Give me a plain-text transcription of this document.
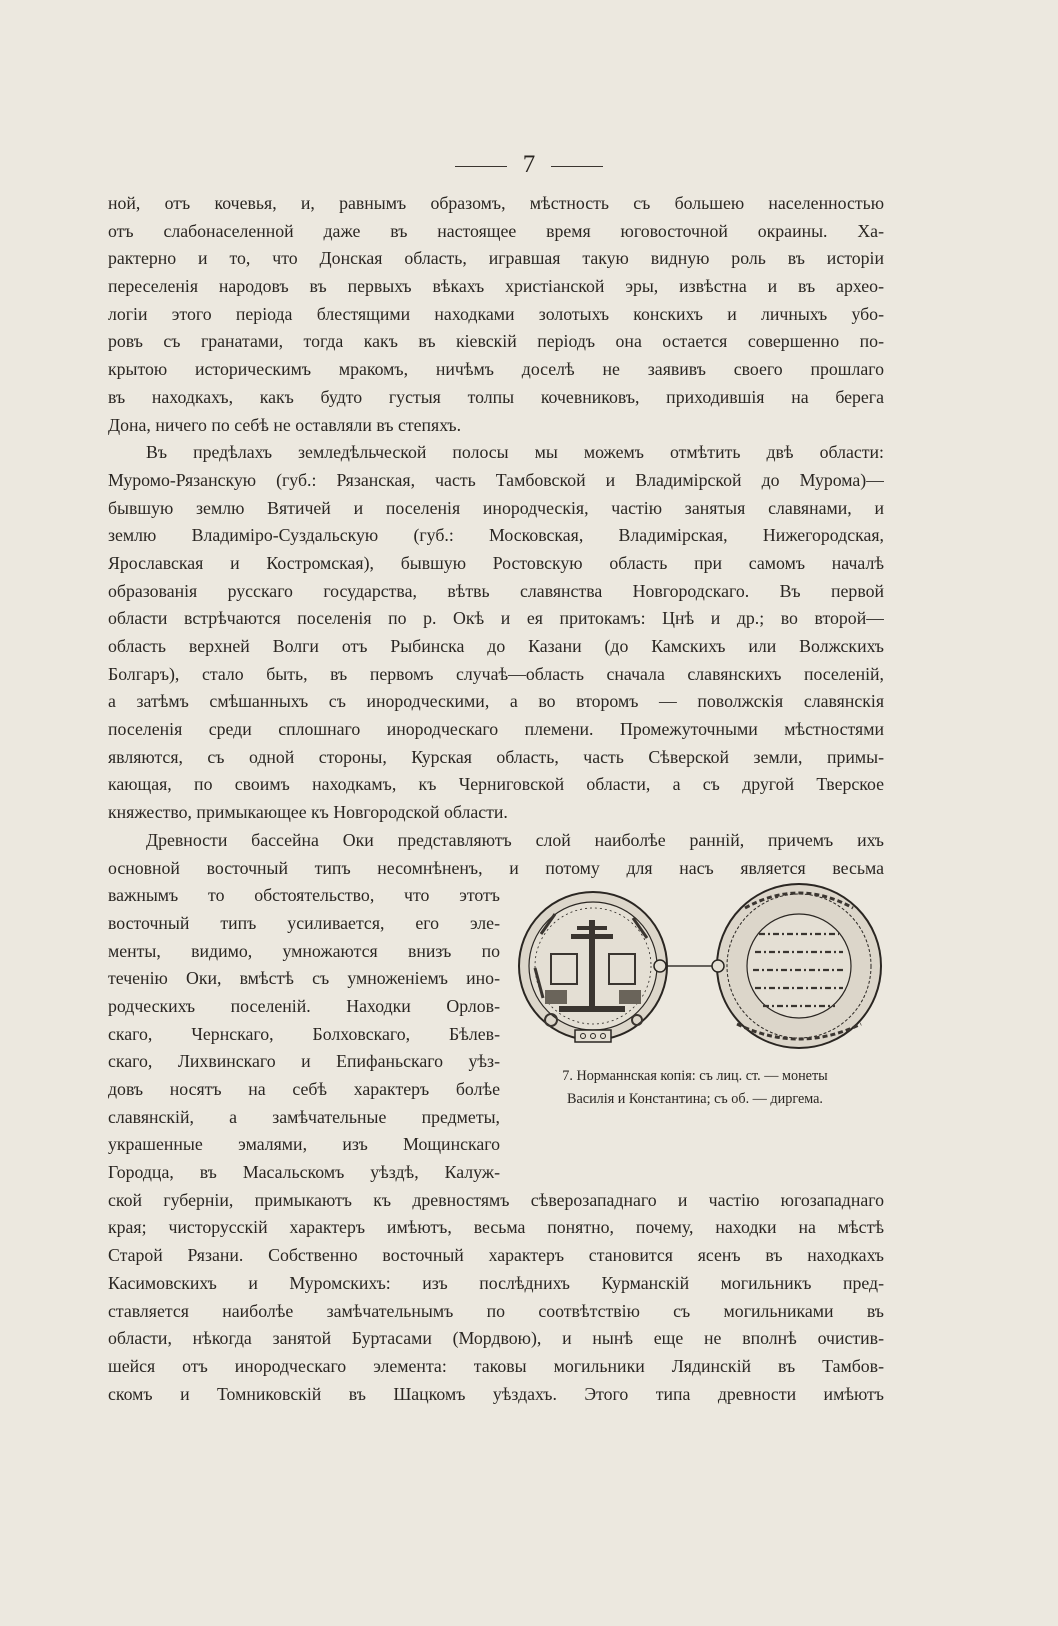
7
ной, отъ кочевья, и, равнымъ образомъ, мѣстность съ большею населенностью
отъ слабонаселенной даже въ настоящее время юговосточной окраины. Ха-
рактерно и то, что Донская область, игравшая такую видную роль въ исторіи
переселенія народовъ въ первыхъ вѣкахъ христіанской эры, извѣстна и въ архео-
логіи этого періода блестящими находками золотыхъ конскихъ и личныхъ убо-
ровъ съ гранатами, тогда какъ въ кіевскій періодъ она остается совершенно по-
крытою историческимъ мракомъ, ничѣмъ доселѣ не заявивъ своего прошлаго
въ находкахъ, какъ будто густыя толпы кочевниковъ, приходившія на берега
Дона, ничего по себѣ не оставляли въ степяхъ.
Въ предѣлахъ земледѣльческой полосы мы можемъ отмѣтить двѣ области:
Муромо-Рязанскую (губ.: Рязанская, часть Тамбовской и Владимірской до Мурома)—
бывшую землю Вятичей и поселенія инородческія, частію занятыя славянами, и
землю Владиміро-Суздальскую (губ.: Московская, Владимірская, Нижегородская,
Ярославская и Костромская), бывшую Ростовскую область при самомъ началѣ
образованія русскаго государства, вѣтвь славянства Новгородскаго. Въ первой
области встрѣчаются поселенія по р. Окѣ и ея притокамъ: Цнѣ и др.; во второй—
область верхней Волги отъ Рыбинска до Казани (до Камскихъ или Волжскихъ
Болгаръ), стало быть, въ первомъ случаѣ—область сначала славянскихъ поселеній,
а затѣмъ смѣшанныхъ съ инородческими, а во второмъ — поволжскія славянскія
поселенія среди сплошнаго инородческаго племени. Промежуточными мѣстностями
являются, съ одной стороны, Курская область, часть Сѣверской земли, примы-
кающая, по своимъ находкамъ, къ Черниговской области, а съ другой Тверское
княжество, примыкающее къ Новгородской области.
Древности бассейна Оки представляютъ слой наиболѣе ранній, причемъ ихъ
основной восточный типъ несомнѣненъ, и потому для насъ является весьма
важнымъ то обстоятельство, что этотъ
восточный типъ усиливается, его эле-
менты, видимо, умножаются внизъ по
теченію Оки, вмѣстѣ съ умноженіемъ ино-
родческихъ поселеній. Находки Орлов-
скаго, Чернскаго, Болховскаго, Бѣлев-
скаго, Лихвинскаго и Епифаньскаго уѣз-
довъ носятъ на себѣ характеръ болѣе
славянскій, а замѣчательные предметы,
украшенные эмалями, изъ Мощинскаго
Городца, въ Масальскомъ уѣздѣ, Калуж-
ской губерніи, примыкаютъ къ древностямъ сѣверозападнаго и частію югозападнаго
края; чисторусскій характеръ имѣютъ, весьма понятно, почему, находки на мѣстѣ
Старой Рязани. Собственно восточный характеръ становится ясенъ въ находкахъ
Касимовскихъ и Муромскихъ: изъ послѣднихъ Курманскій могильникъ пред-
ставляется наиболѣе замѣчательнымъ по соотвѣтствію съ могильниками въ
области, нѣкогда занятой Буртасами (Мордвою), и нынѣ еще не вполнѣ очистив-
шейся отъ инородческаго элемента: таковы могильники Лядинскій въ Тамбов-
скомъ и Томниковскій въ Шацкомъ уѣздахъ. Этого типа древности имѣютъ
7. Норманнская копія: съ лиц. ст. — монеты
Василія и Константина; съ об. — диргема.
